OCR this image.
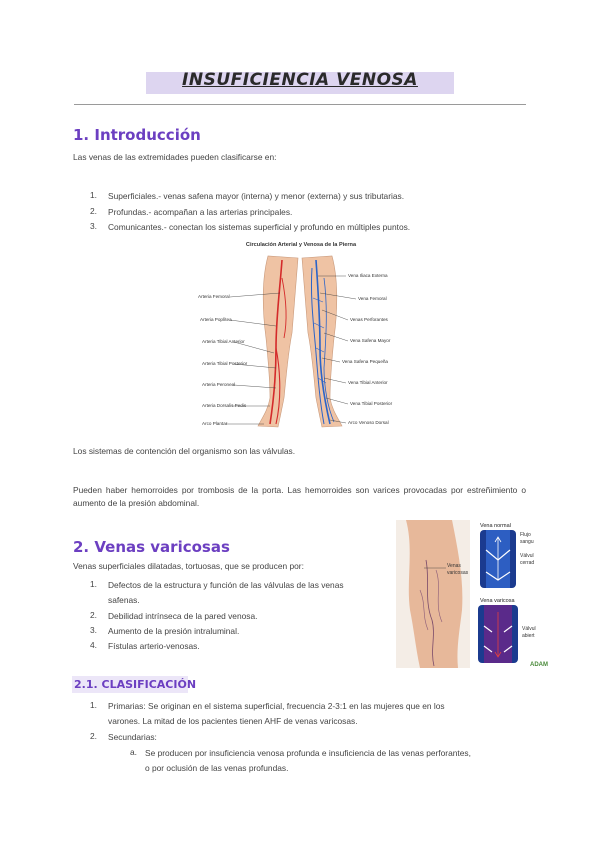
INSUFICIENCIA VENOSA
1. Introducción
Las venas de las extremidades pueden clasificarse en:
1. Superficiales.- venas safena mayor (interna) y menor (externa) y sus tributarias.
2. Profundas.- acompañan a las arterias principales.
3. Comunicantes.- conectan los sistemas superficial y profundo en múltiples puntos.
Circulación Arterial y Venosa de la Pierna
Arteria Femoral
Arteria Poplítea
Arteria Tibial Anterior
Arteria Tibial Posterior
Arteria Peroneal
Arteria Dorsalis Pedis
Arco Plantar
Vena Iliaca Externa
Vena Femoral
Venas Perforantes
Vena Safena Mayor
Vena Safena Pequeña
Vena Tibial Anterior
Vena Tibial Posterior
Arco Venoso Dorsal
Los sistemas de contención del organismo son las válvulas.
Pueden haber hemorroides por trombosis de la porta. Las hemorroides son varices provocadas por estreñimiento o aumento de la presión abdominal.
2. Venas varicosas
Venas superficiales dilatadas, tortuosas, que se producen por:
1. Defectos de la estructura y función de las válvulas de las venas
safenas.
2. Debilidad intrínseca de la pared venosa.
3. Aumento de la presión intraluminal.
4. Fístulas arterio-venosas.
Venas
varicosas
Vena normal
Flujo
sangu
Válvul
cerrad
Vena varicosa
Válvul
abiert
ADAM
2.1. CLASIFICACIÓN
1. Primarias: Se originan en el sistema superficial, frecuencia 2-3:1 en las mujeres que en los
varones. La mitad de los pacientes tienen AHF de venas varicosas.
2. Secundarias:
a. Se producen por insuficiencia venosa profunda e insuficiencia de las venas perforantes,
o por oclusión de las venas profundas.
